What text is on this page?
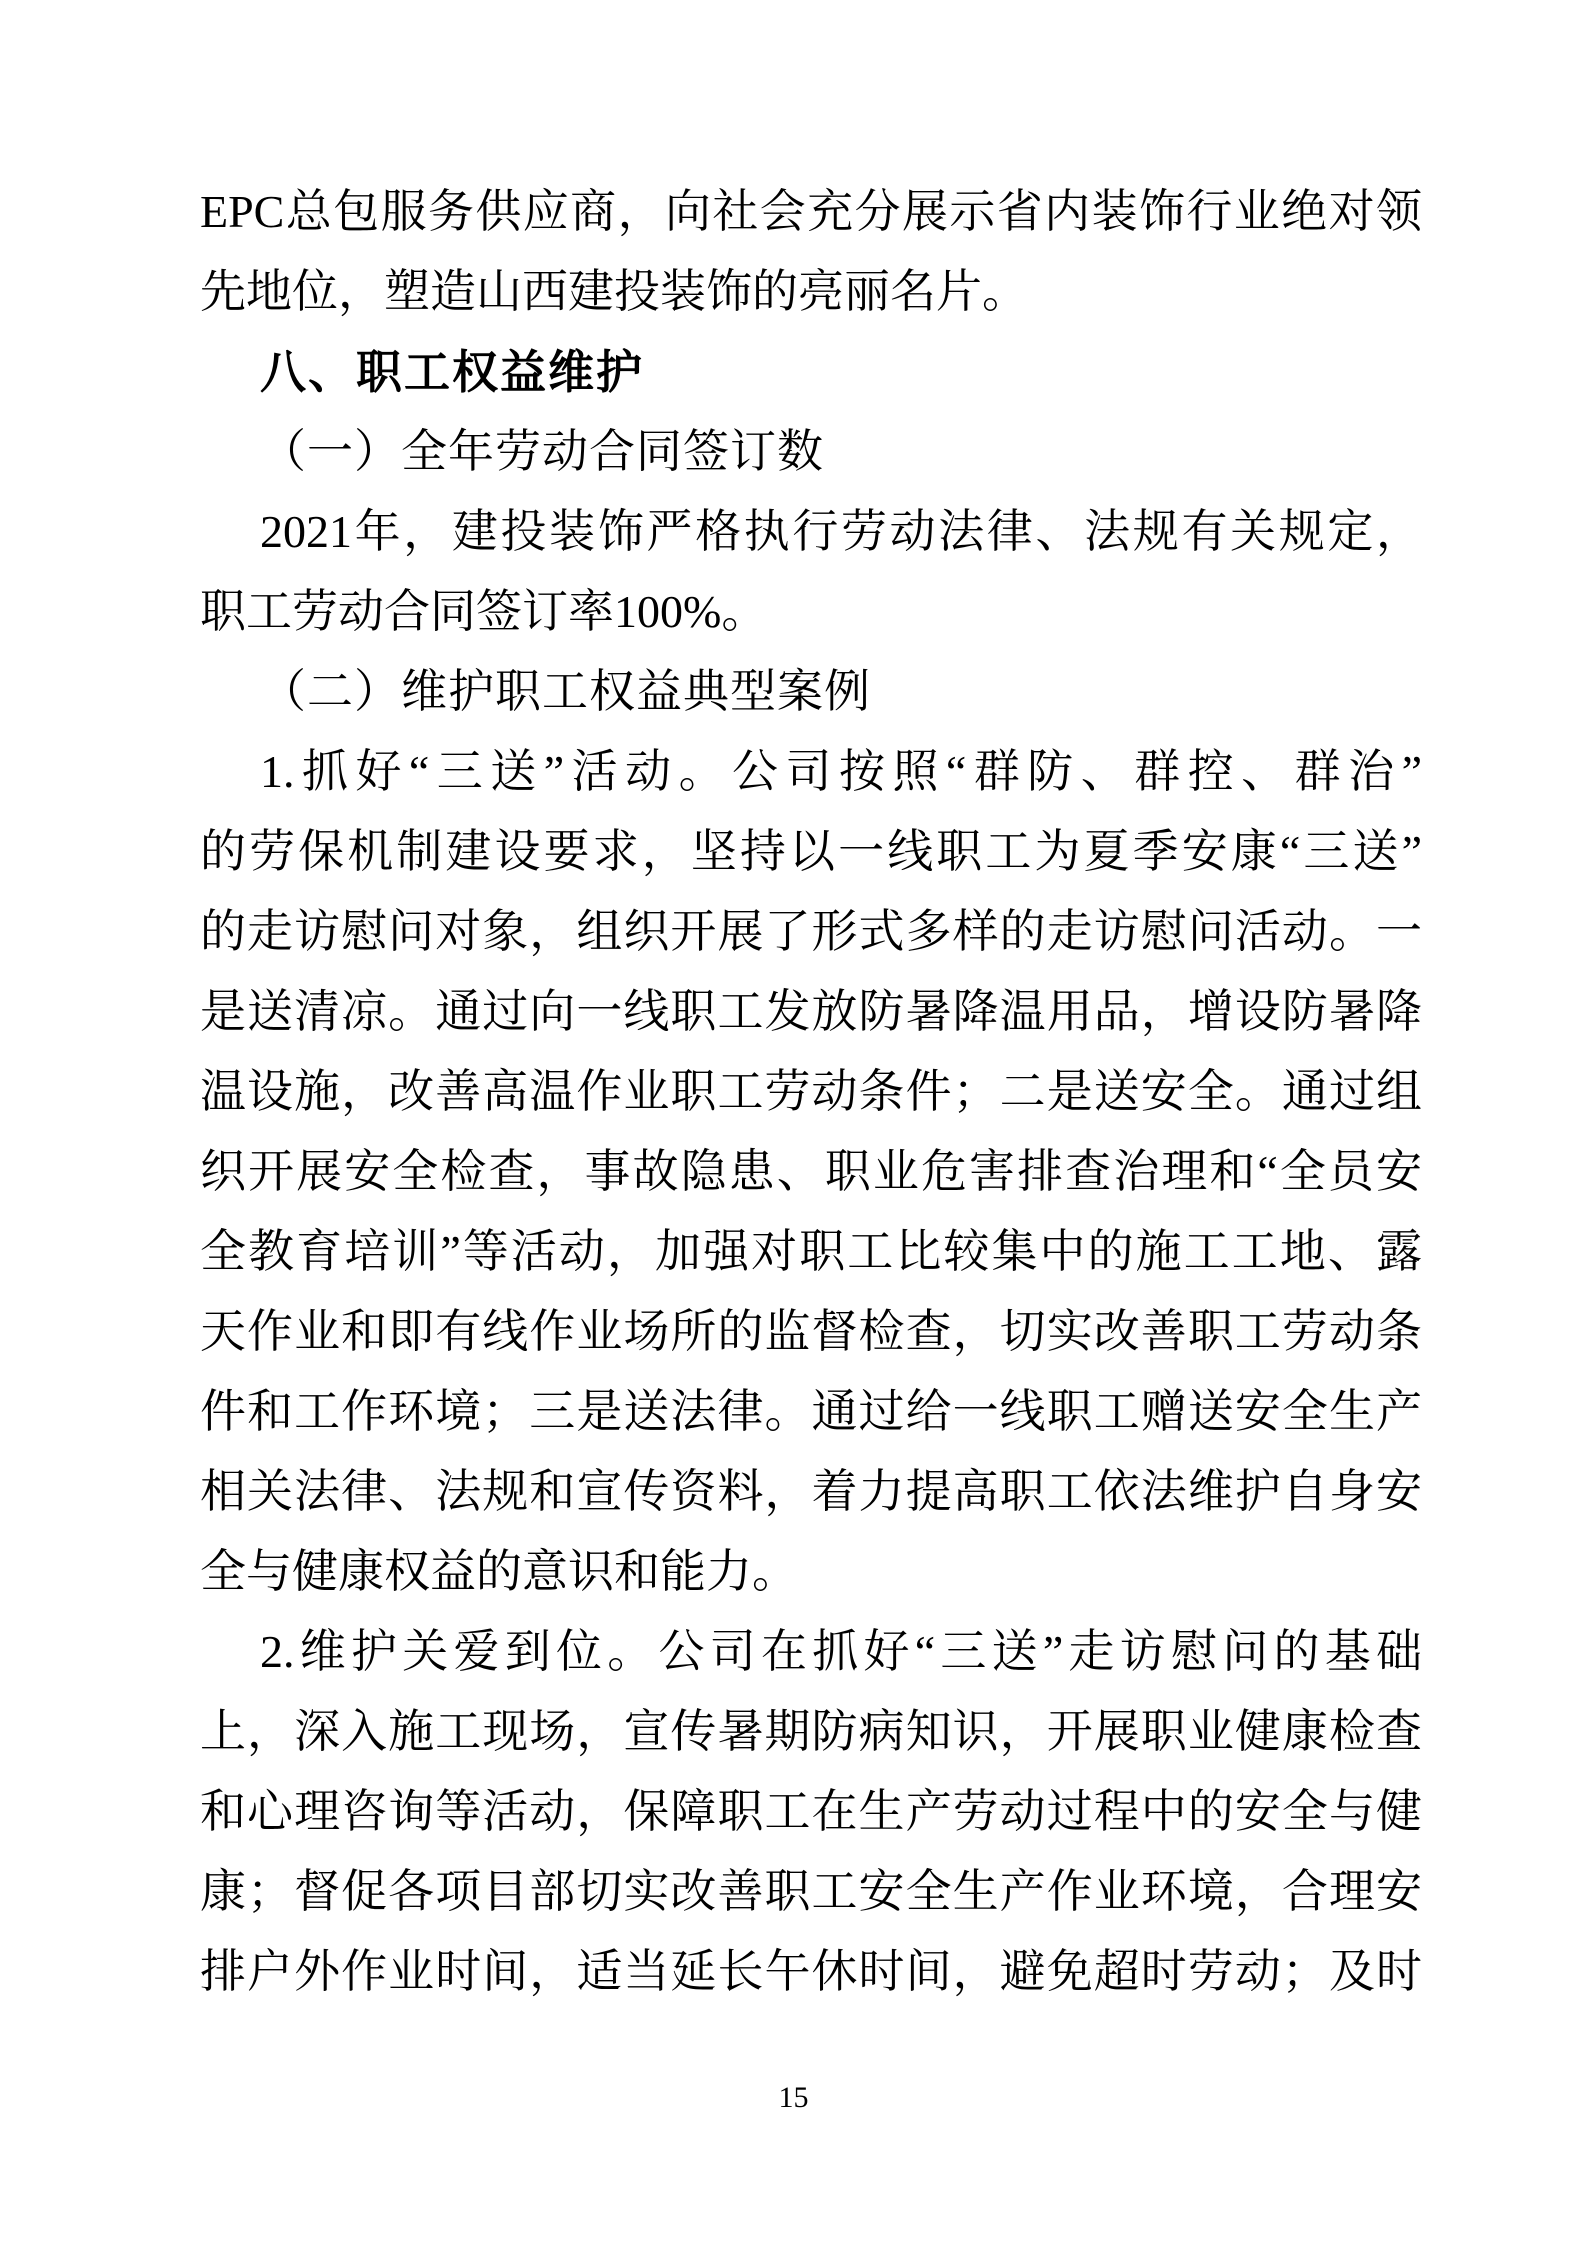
EPC总包服务供应商，向社会充分展示省内装饰行业绝对领
先地位，塑造山西建投装饰的亮丽名片。
八、职工权益维护
（一）全年劳动合同签订数
2021年，建投装饰严格执行劳动法律、法规有关规定，
职工劳动合同签订率100%。
（二）维护职工权益典型案例
1.抓好“三送”活动。公司按照“群防、群控、群治”
的劳保机制建设要求，坚持以一线职工为夏季安康“三送”
的走访慰问对象，组织开展了形式多样的走访慰问活动。一
是送清凉。通过向一线职工发放防暑降温用品，增设防暑降
温设施，改善高温作业职工劳动条件；二是送安全。通过组
织开展安全检查，事故隐患、职业危害排查治理和“全员安
全教育培训”等活动，加强对职工比较集中的施工工地、露
天作业和即有线作业场所的监督检查，切实改善职工劳动条
件和工作环境；三是送法律。通过给一线职工赠送安全生产
相关法律、法规和宣传资料，着力提高职工依法维护自身安
全与健康权益的意识和能力。
2.维护关爱到位。公司在抓好“三送”走访慰问的基础
上，深入施工现场，宣传暑期防病知识，开展职业健康检查
和心理咨询等活动，保障职工在生产劳动过程中的安全与健
康；督促各项目部切实改善职工安全生产作业环境，合理安
排户外作业时间，适当延长午休时间，避免超时劳动；及时
15
